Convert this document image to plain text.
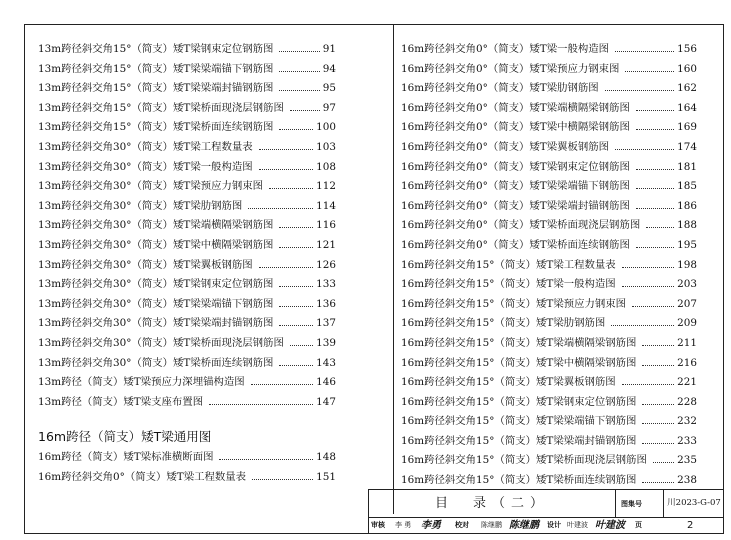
13m跨径斜交角15°（简支）矮T梁钢束定位钢筋图	91
13m跨径斜交角15°（简支）矮T梁梁端锚下钢筋图	94
13m跨径斜交角15°（简支）矮T梁梁端封锚钢筋图	95
13m跨径斜交角15°（简支）矮T梁桥面现浇层钢筋图	97
13m跨径斜交角15°（简支）矮T梁桥面连续钢筋图	100
13m跨径斜交角30°（简支）矮T梁工程数量表	103
13m跨径斜交角30°（简支）矮T梁一般构造图	108
13m跨径斜交角30°（简支）矮T梁预应力钢束图	112
13m跨径斜交角30°（简支）矮T梁肋钢筋图	114
13m跨径斜交角30°（简支）矮T梁端横隔梁钢筋图	116
13m跨径斜交角30°（简支）矮T梁中横隔梁钢筋图	121
13m跨径斜交角30°（简支）矮T梁翼板钢筋图	126
13m跨径斜交角30°（简支）矮T梁钢束定位钢筋图	133
13m跨径斜交角30°（简支）矮T梁梁端锚下钢筋图	136
13m跨径斜交角30°（简支）矮T梁梁端封锚钢筋图	137
13m跨径斜交角30°（简支）矮T梁桥面现浇层钢筋图	139
13m跨径斜交角30°（简支）矮T梁桥面连续钢筋图	143
13m跨径（简支）矮T梁预应力深埋锚构造图	146
13m跨径（简支）矮T梁支座布置图	147
16m跨径（简支）矮T梁通用图
16m跨径（简支）矮T梁标准横断面图	148
16m跨径斜交角0°（简支）矮T梁工程数量表	151
16m跨径斜交角0°（简支）矮T梁一般构造图	156
16m跨径斜交角0°（简支）矮T梁预应力钢束图	160
16m跨径斜交角0°（简支）矮T梁肋钢筋图	162
16m跨径斜交角0°（简支）矮T梁端横隔梁钢筋图	164
16m跨径斜交角0°（简支）矮T梁中横隔梁钢筋图	169
16m跨径斜交角0°（简支）矮T梁翼板钢筋图	174
16m跨径斜交角0°（简支）矮T梁钢束定位钢筋图	181
16m跨径斜交角0°（简支）矮T梁梁端锚下钢筋图	185
16m跨径斜交角0°（简支）矮T梁梁端封锚钢筋图	186
16m跨径斜交角0°（简支）矮T梁桥面现浇层钢筋图	188
16m跨径斜交角0°（简支）矮T梁桥面连续钢筋图	195
16m跨径斜交角15°（简支）矮T梁工程数量表	198
16m跨径斜交角15°（简支）矮T梁一般构造图	203
16m跨径斜交角15°（简支）矮T梁预应力钢束图	207
16m跨径斜交角15°（简支）矮T梁肋钢筋图	209
16m跨径斜交角15°（简支）矮T梁端横隔梁钢筋图	211
16m跨径斜交角15°（简支）矮T梁中横隔梁钢筋图	216
16m跨径斜交角15°（简支）矮T梁翼板钢筋图	221
16m跨径斜交角15°（简支）矮T梁钢束定位钢筋图	228
16m跨径斜交角15°（简支）矮T梁梁端锚下钢筋图	232
16m跨径斜交角15°（简支）矮T梁梁端封锚钢筋图	233
16m跨径斜交角15°（简支）矮T梁桥面现浇层钢筋图	235
16m跨径斜交角15°（简支）矮T梁桥面连续钢筋图	238
目　录（二）	图集号	川2023-G-07
审核 李 勇 李勇 校对 陈继鹏 陈继鹏 设计 叶建波 叶建波 页	2
